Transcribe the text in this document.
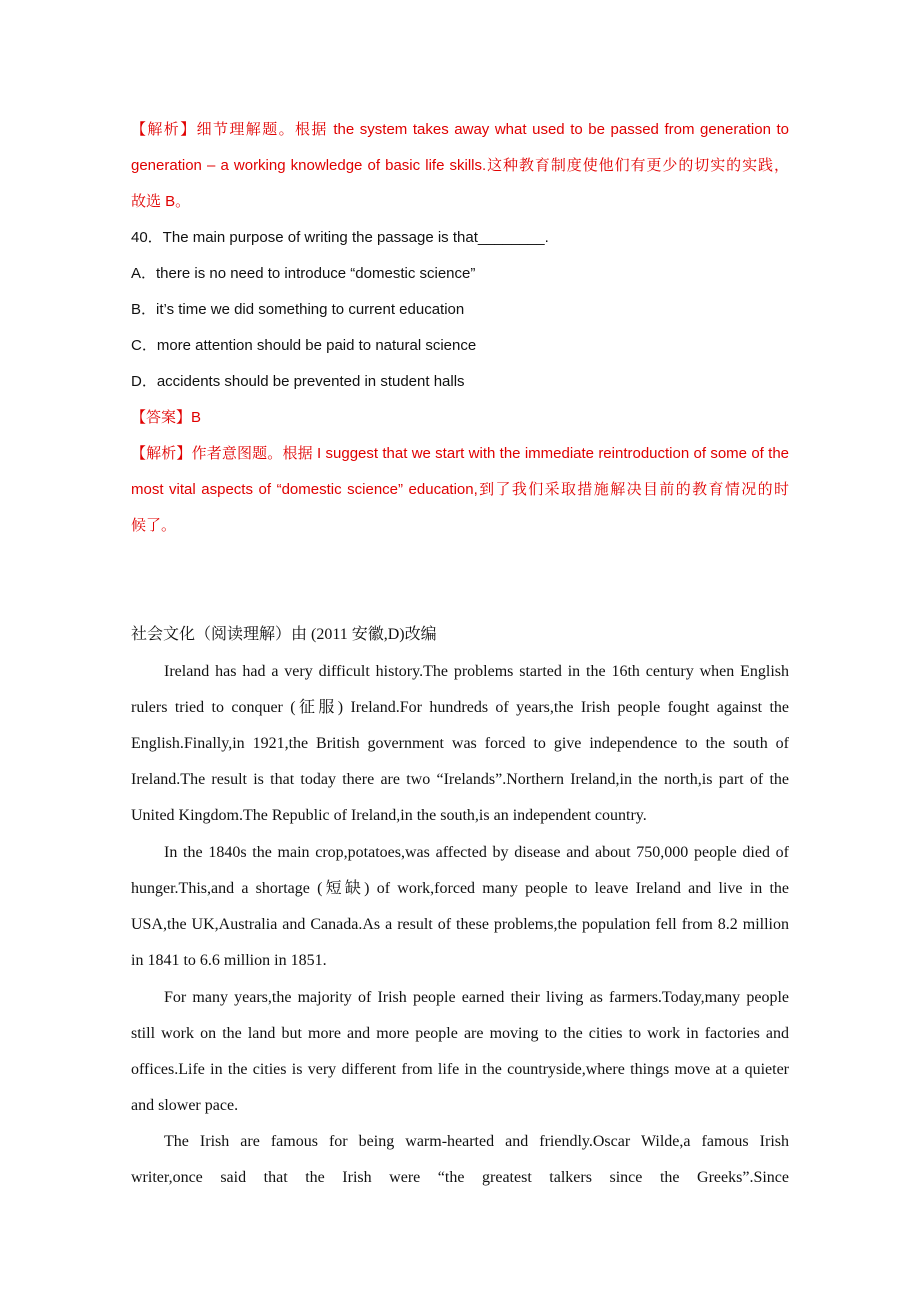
【解析】细节理解题。根据 the system takes away what used to be passed from generation to

generation – a working knowledge of basic life skills.这种教育制度使他们有更少的切实的实践，

故选 B。

40．The main purpose of writing the passage is that________.

A．there is no need to introduce “domestic science”

B．it’s time we did something to current education

C．more attention should be paid to natural science

D．accidents should be prevented in student halls

【答案】B

【解析】作者意图题。根据 I suggest that we start with the immediate reintroduction of some of the

most vital aspects of “domestic science” education,到了我们采取措施解决目前的教育情况的时

候了。

社会文化（阅读理解）由 (2011 安徽,D)改编

Ireland has had a very difficult history.The problems started in the 16th century when English

rulers tried to conquer (征服) Ireland.For hundreds of years,the Irish people fought against the

English.Finally,in 1921,the British government was forced to give independence to the south of

Ireland.The result is that today there are two “Irelands”.Northern Ireland,in the north,is part of the

United Kingdom.The Republic of Ireland,in the south,is an independent country.

In the 1840s the main crop,potatoes,was affected by disease and about 750,000 people died of

hunger.This,and a shortage (短缺) of work,forced many people to leave Ireland and live in the

USA,the UK,Australia and Canada.As a result of these problems,the population fell from 8.2 million

in 1841 to 6.6 million in 1851.

For many years,the majority of Irish people earned their living as farmers.Today,many people

still work on the land but more and more people are moving to the cities to work in factories and

offices.Life in the cities is very different from life in the countryside,where things move at a quieter

and slower pace.

The Irish are famous for being warm-hearted and friendly.Oscar Wilde,a famous Irish

writer,once said that the Irish were “the greatest talkers since the Greeks”.Since
